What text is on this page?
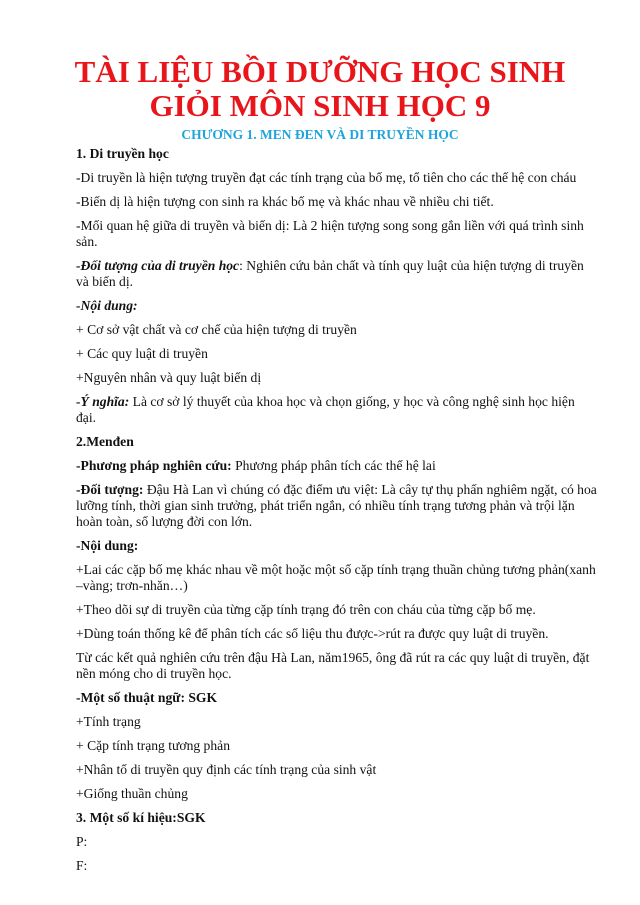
TÀI LIỆU BỒI DƯỠNG HỌC SINH
GIỎI MÔN SINH HỌC 9

CHƯƠNG 1. MEN ĐEN VÀ DI TRUYỀN HỌC

1. Di truyền học

-Di truyền là hiện tượng truyền đạt các tính trạng của bố mẹ, tổ tiên cho các thế hệ con cháu

-Biến dị là hiện tượng con sinh ra khác bố mẹ và khác nhau về nhiều chi tiết.

-Mối quan hệ giữa di truyền và biến dị: Là 2 hiện tượng song song gắn liền với quá trình sinh sản.

-Đối tượng của di truyền học: Nghiên cứu bản chất và tính quy luật của hiện tượng di truyền và biến dị.

-Nội dung:

+ Cơ sở vật chất và cơ chế của hiện tượng di truyền

+ Các quy luật di truyền

+Nguyên nhân và quy luật biến dị

-Ý nghĩa: Là cơ sở lý thuyết của khoa học và chọn giống, y học và công nghệ sinh học hiện đại.

2.Menđen

-Phương pháp nghiên cứu: Phương pháp phân tích các thế hệ lai

-Đối tượng: Đậu Hà Lan vì chúng có đặc điểm ưu việt: Là cây tự thụ phấn nghiêm ngặt, có hoa lưỡng tính, thời gian sinh trưởng, phát triển ngắn, có nhiều tính trạng tương phản và trội lặn hoàn toàn, số lượng đời con lớn.

-Nội dung:

+Lai các cặp bố mẹ khác nhau về một hoặc một số cặp tính trạng thuần chủng tương phản(xanh –vàng; trơn-nhăn…)

+Theo dõi sự di truyền của từng cặp tính trạng đó trên con cháu của từng cặp bố mẹ.

+Dùng toán thống kê để phân tích các số liệu thu được->rút ra được quy luật di truyền.

Từ các kết quả nghiên cứu trên đậu Hà Lan, năm1965, ông đã rút ra các quy luật di truyền, đặt nền móng cho di truyền học.

-Một số thuật ngữ: SGK

+Tính trạng

+ Cặp tính trạng tương phản

+Nhân tố di truyền quy định các tính trạng của sinh vật

+Giống thuần chủng

3. Một số kí hiệu:SGK

P:

F:
